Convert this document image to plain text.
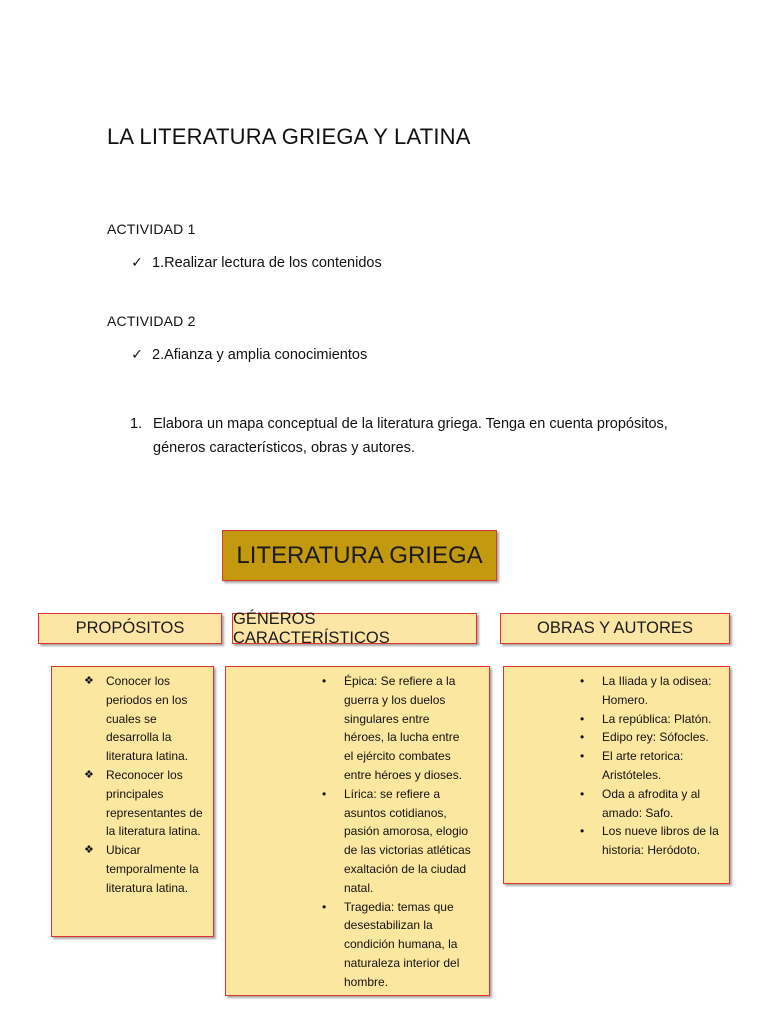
LA LITERATURA GRIEGA Y LATINA
ACTIVIDAD 1
✓ 1.Realizar lectura de los contenidos
ACTIVIDAD 2
✓ 2.Afianza y amplia conocimientos
1. Elabora un mapa conceptual de la literatura griega. Tenga en cuenta propósitos, géneros característicos, obras y autores.
LITERATURA GRIEGA
PROPÓSITOS
GÉNEROS CARACTERÍSTICOS
OBRAS Y AUTORES
❖	Conocer los periodos en los cuales se desarrolla la literatura latina.
❖	Reconocer los principales representantes de la literatura latina.
❖	Ubicar temporalmente la literatura latina.
•	Épica: Se refiere a la guerra y los duelos singulares entre héroes, la lucha entre el ejército combates entre héroes y dioses.
•	Lírica: se refiere a asuntos cotidianos, pasión amorosa, elogio de las victorias atléticas exaltación de la ciudad natal.
•	Tragedia: temas que desestabilizan la condición humana, la naturaleza interior del hombre.
•	La Iliada y la odisea: Homero.
•	La república: Platón.
•	Edipo rey: Sófocles.
•	El arte retorica: Aristóteles.
•	Oda a afrodita y al amado: Safo.
•	Los nueve libros de la historia: Heródoto.
